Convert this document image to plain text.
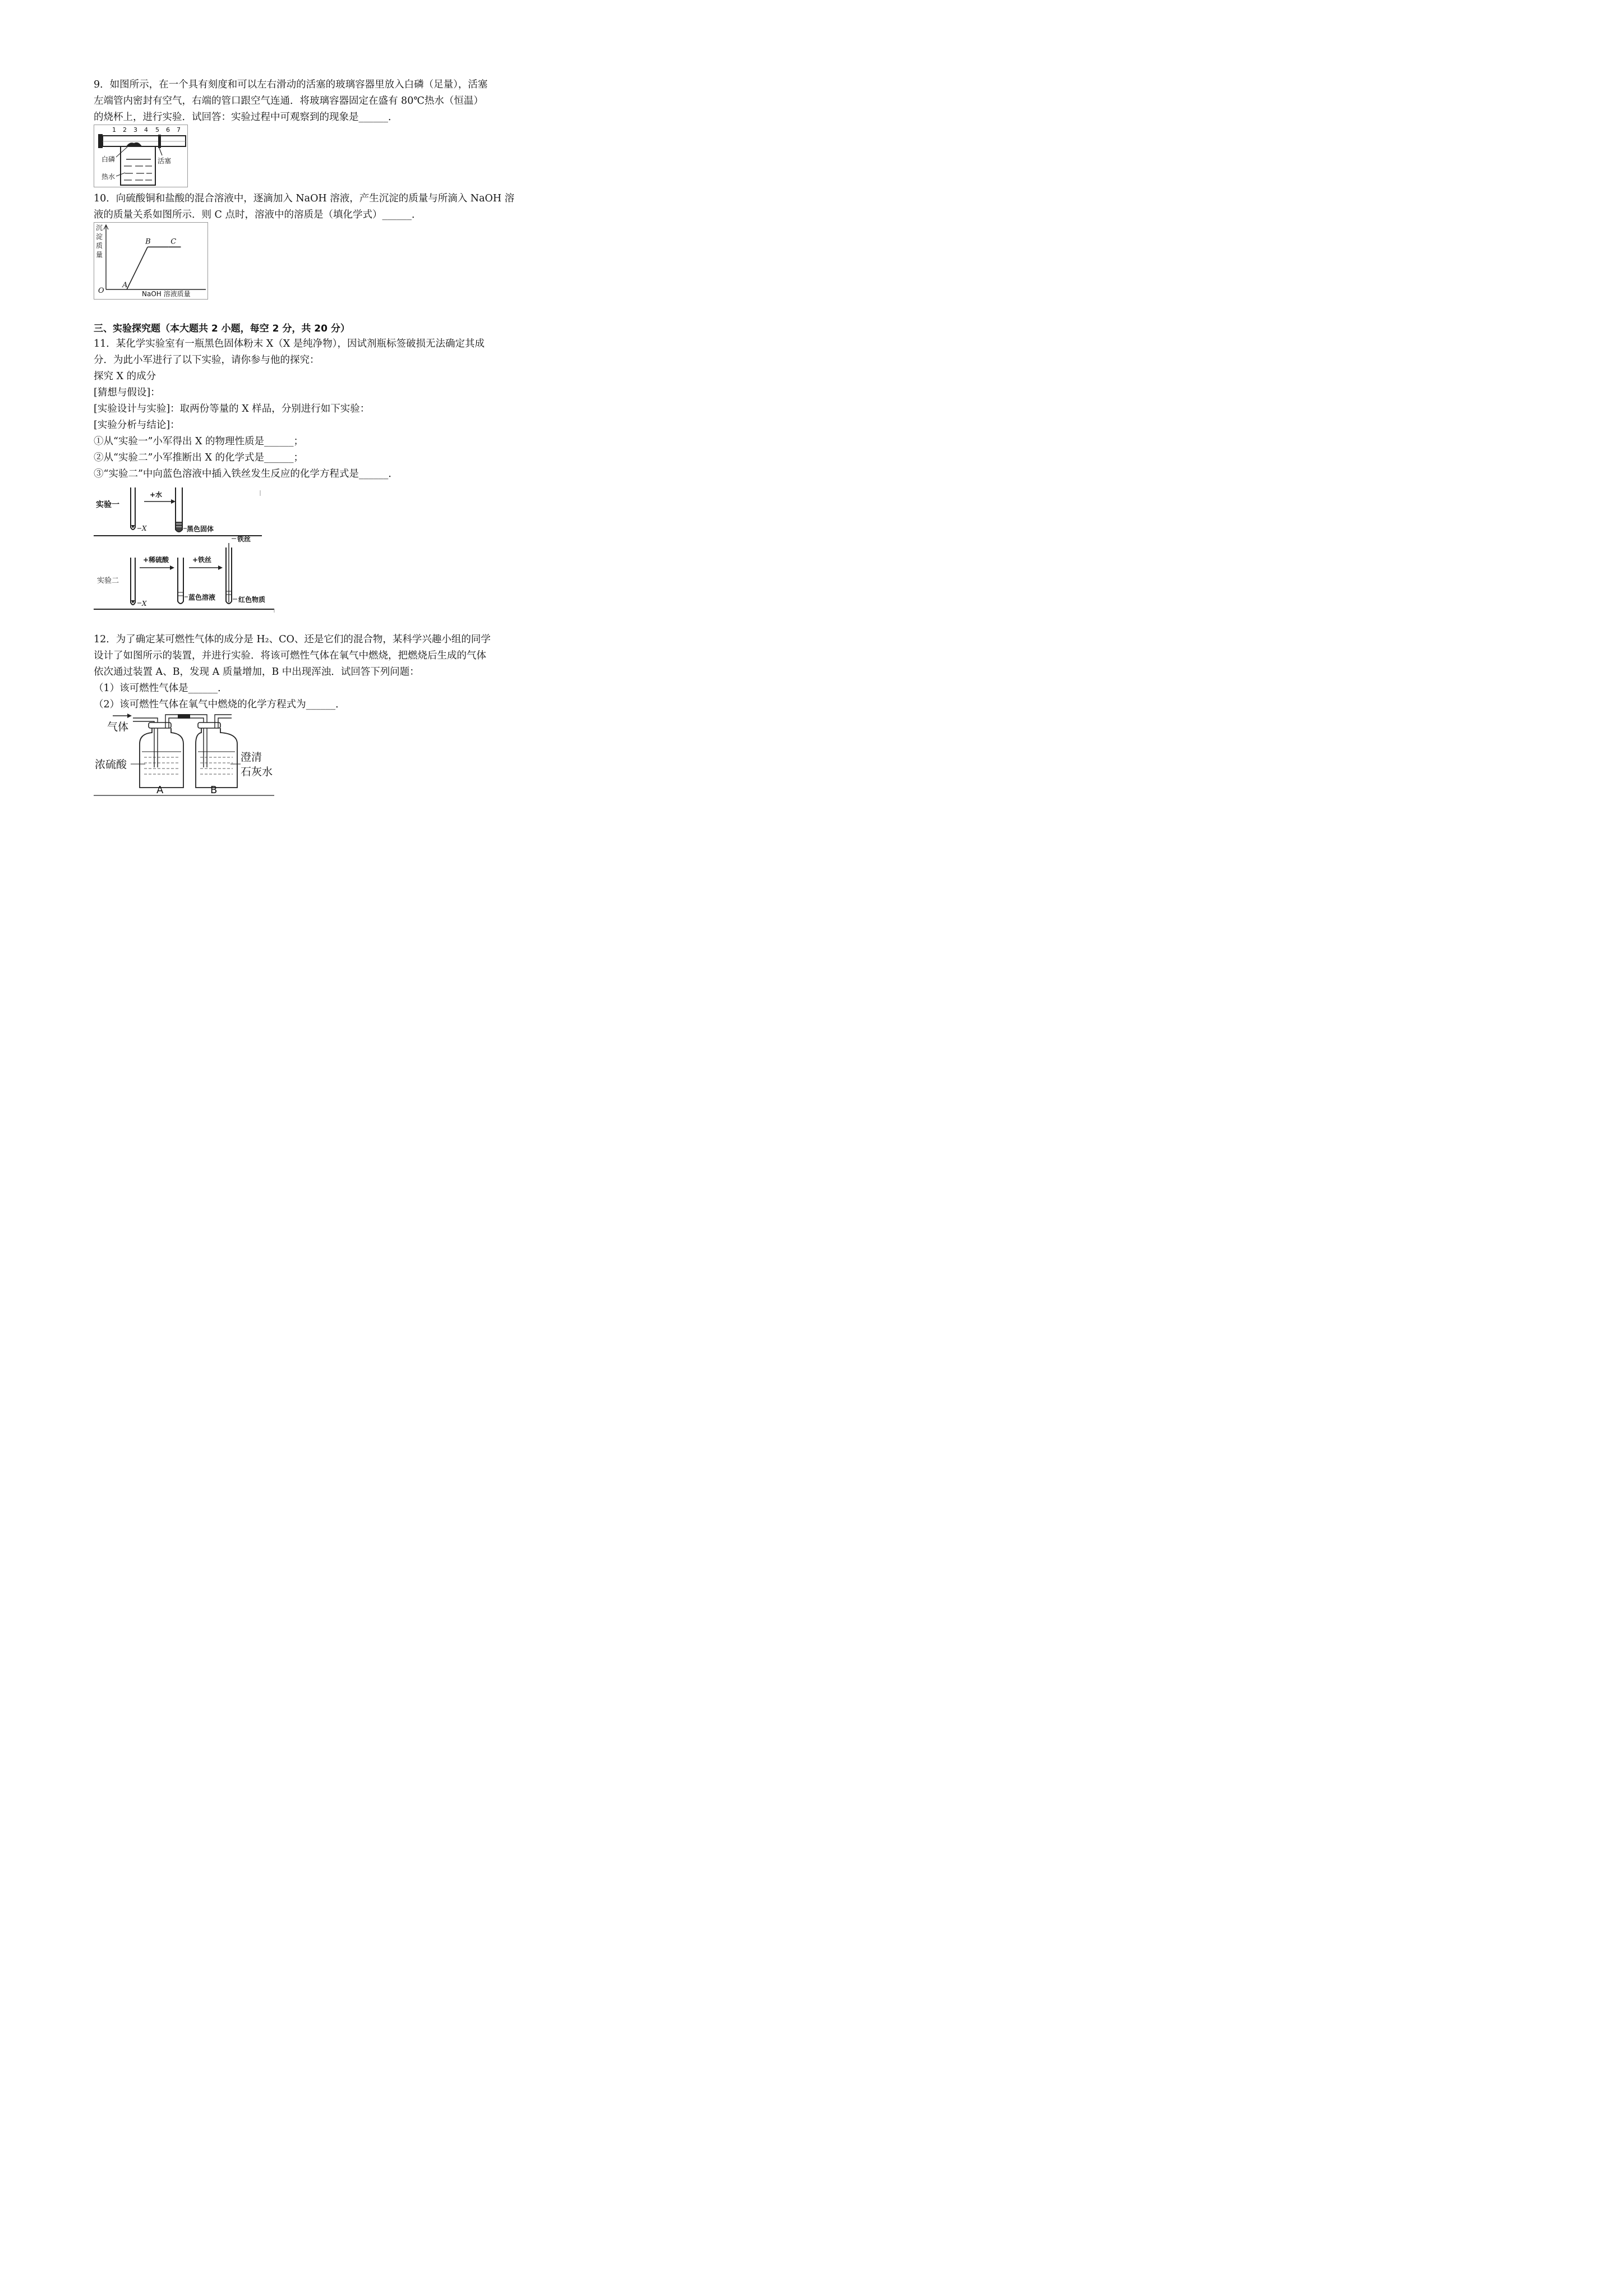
9．如图所示，在一个具有刻度和可以左右滑动的活塞的玻璃容器里放入白磷（足量），活塞
左端管内密封有空气，右端的管口跟空气连通．将玻璃容器固定在盛有 80℃热水（恒温）
的烧杯上，进行实验．试回答：实验过程中可观察到的现象是______．
1 2 3 4 5 6 7
活塞
白磷
热水
10．向硫酸铜和盐酸的混合溶液中，逐滴加入 NaOH 溶液，产生沉淀的质量与所滴入 NaOH 溶
液的质量关系如图所示．则 C 点时，溶液中的溶质是（填化学式）______．
沉
淀
质
量
O
A
B	C
NaOH 溶液质量
三、实验探究题（本大题共 2 小题，每空 2 分，共 20 分）
11．某化学实验室有一瓶黑色固体粉末 X（X 是纯净物），因试剂瓶标签破损无法确定其成
分．为此小军进行了以下实验，请你参与他的探究：
探究 X 的成分
[猜想与假设]：
[实验设计与实验]：取两份等量的 X 样品，分别进行如下实验：
[实验分析与结论]：
①从“实验一”小军得出 X 的物理性质是______；
②从“实验二”小军推断出 X 的化学式是______；
③“实验二”中向蓝色溶液中插入铁丝发生反应的化学方程式是______．
实验一
X
+水
黑色固体
实验二
X
+稀硫酸
蓝色溶液
+铁丝
铁丝
红色物质
12．为了确定某可燃性气体的成分是 H₂、CO、还是它们的混合物，某科学兴趣小组的同学
设计了如图所示的装置，并进行实验．将该可燃性气体在氧气中燃烧，把燃烧后生成的气体
依次通过装置 A、B，发现 A 质量增加，B 中出现浑浊．试回答下列问题：
（1）该可燃性气体是______．
（2）该可燃性气体在氧气中燃烧的化学方程式为______．
气体
浓硫酸
澄清
石灰水
A	B
